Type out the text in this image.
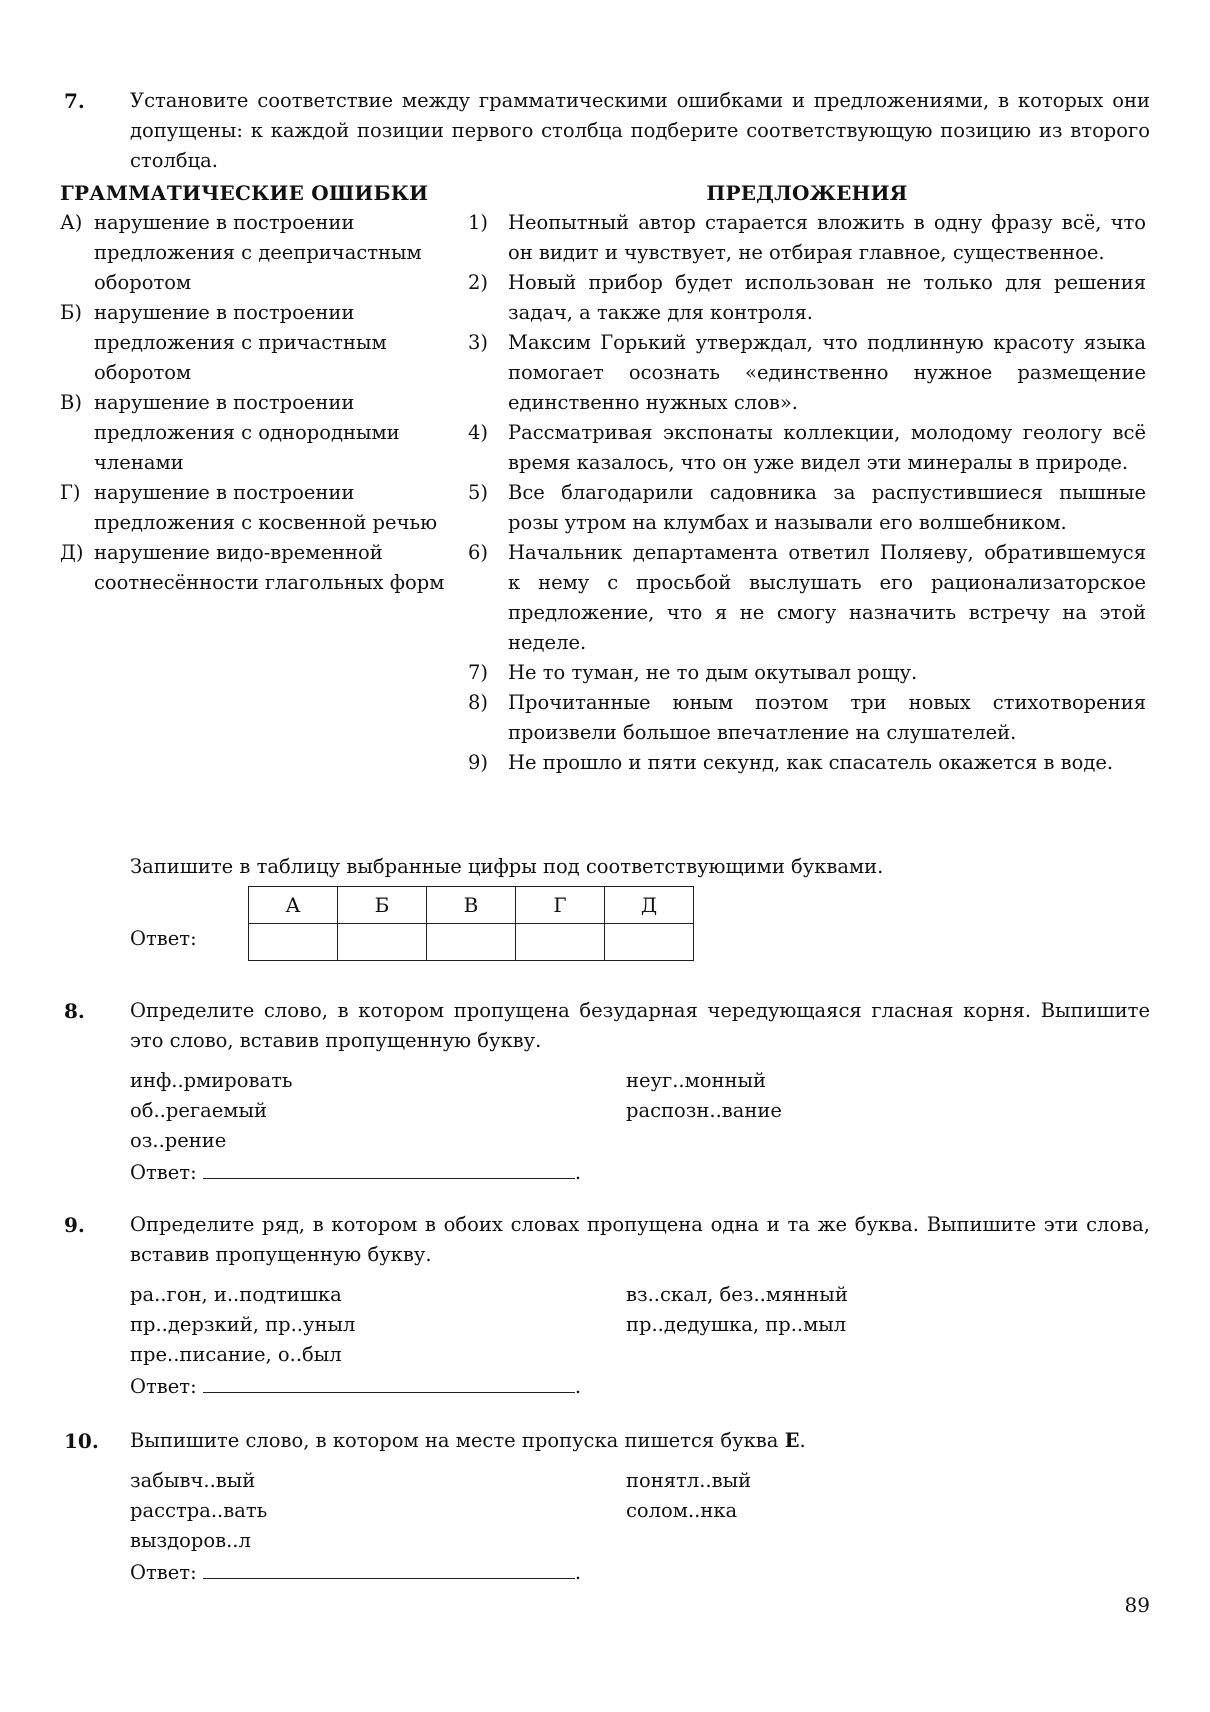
7. Установите соответствие между грамматическими ошибками и предложениями, в которых они допущены: к каждой позиции первого столбца подберите соответствующую позицию из второго столбца.
ГРАММАТИЧЕСКИЕ ОШИБКИ
А) нарушение в построении предложения с деепричастным оборотом
Б) нарушение в построении предложения с причастным оборотом
В) нарушение в построении предложения с однородными членами
Г) нарушение в построении предложения с косвенной речью
Д) нарушение видо-временной соотнесённости глагольных форм
ПРЕДЛОЖЕНИЯ
1) Неопытный автор старается вложить в одну фразу всё, что он видит и чувствует, не отбирая главное, существенное.
2) Новый прибор будет использован не только для решения задач, а также для контроля.
3) Максим Горький утверждал, что подлинную красоту языка помогает осознать «единственно нужное размещение единственно нужных слов».
4) Рассматривая экспонаты коллекции, молодому геологу всё время казалось, что он уже видел эти минералы в природе.
5) Все благодарили садовника за распустившиеся пышные розы утром на клумбах и называли его волшебником.
6) Начальник департамента ответил Поляеву, обратившемуся к нему с просьбой выслушать его рационализаторское предложение, что я не смогу назначить встречу на этой неделе.
7) Не то туман, не то дым окутывал рощу.
8) Прочитанные юным поэтом три новых стихотворения произвели большое впечатление на слушателей.
9) Не прошло и пяти секунд, как спасатель окажется в воде.
Запишите в таблицу выбранные цифры под соответствующими буквами.
Ответ:
А	Б	В	Г	Д

8. Определите слово, в котором пропущена безударная чередующаяся гласная корня. Выпишите это слово, вставив пропущенную букву.
инф..рмировать
об..регаемый
оз..рение
неуг..монный
распозн..вание
Ответ:	.
9. Определите ряд, в котором в обоих словах пропущена одна и та же буква. Выпишите эти слова, вставив пропущенную букву.
ра..гон, и..подтишка
пр..дерзкий, пр..уныл
пре..писание, о..был
вз..скал, без..мянный
пр..дедушка, пр..мыл
Ответ:	.
10. Выпишите слово, в котором на месте пропуска пишется буква Е.
забывч..вый
расстра..вать
выздоров..л
понятл..вый
солом..нка
Ответ:	.
89
